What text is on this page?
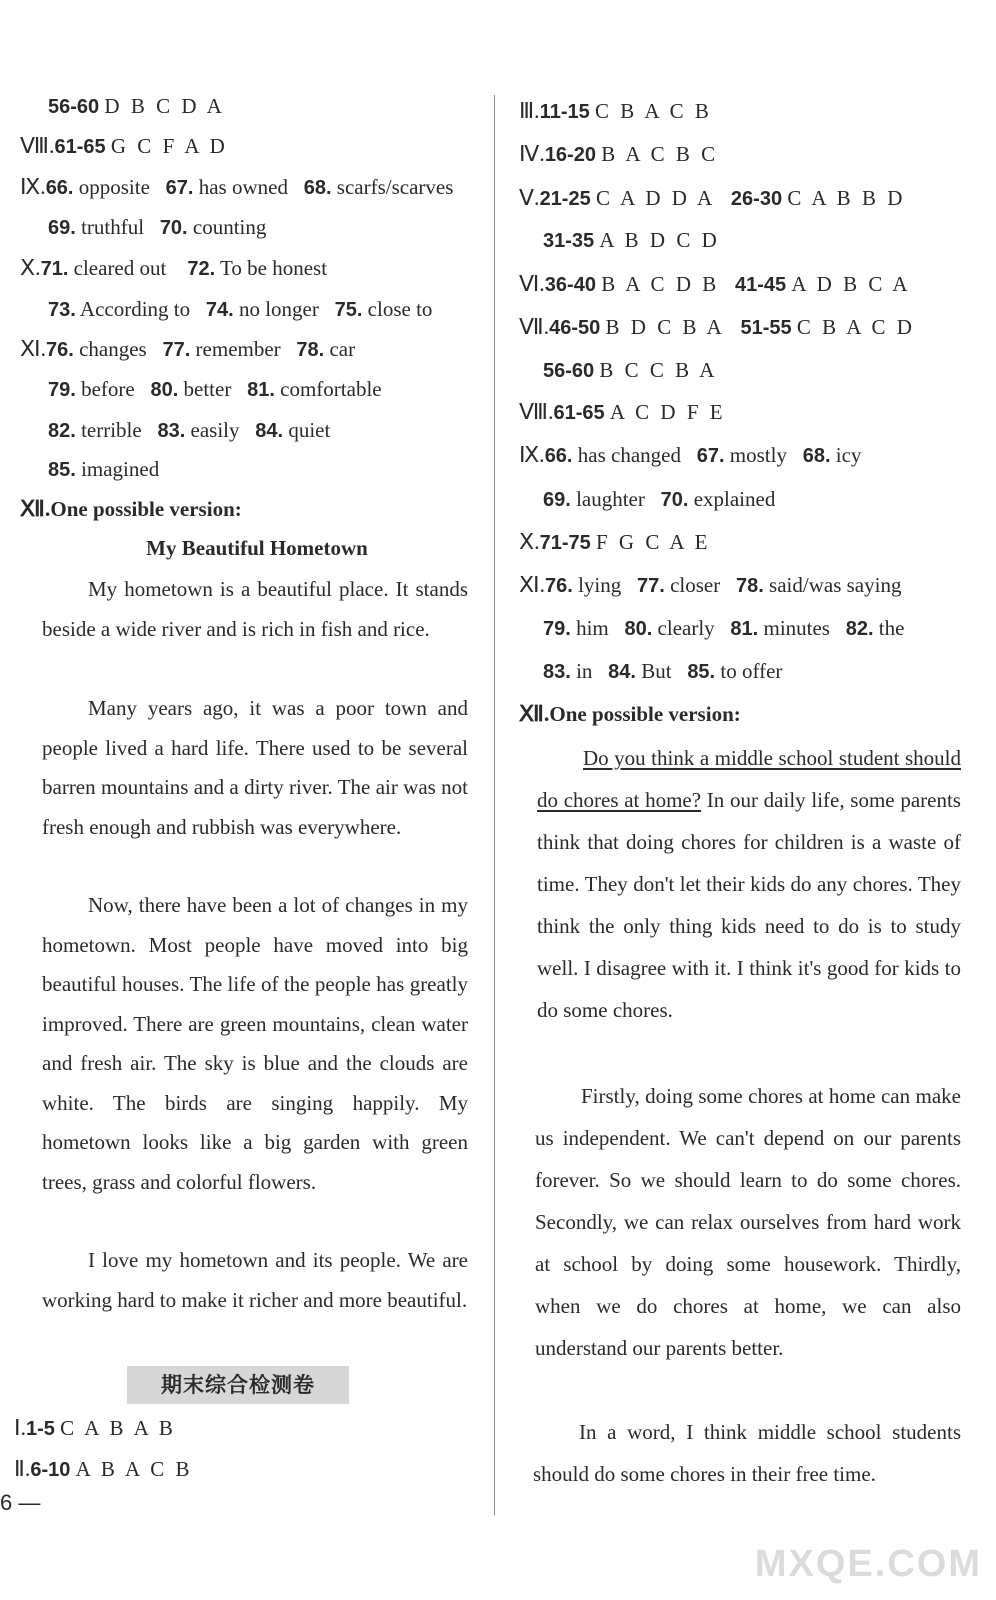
56-60 D B C D A
Ⅷ.61-65 G C F A D
Ⅸ.66. opposite 67. has owned 68. scarfs/scarves
69. truthful 70. counting
Ⅹ.71. cleared out 72. To be honest
73. According to 74. no longer 75. close to
Ⅺ.76. changes 77. remember 78. car
79. before 80. better 81. comfortable
82. terrible 83. easily 84. quiet
85. imagined
Ⅻ.One possible version:
My Beautiful Hometown
My hometown is a beautiful place. It stands beside a wide river and is rich in fish and rice.
Many years ago, it was a poor town and people lived a hard life. There used to be several barren mountains and a dirty river. The air was not fresh enough and rubbish was everywhere.
Now, there have been a lot of changes in my hometown. Most people have moved into big beautiful houses. The life of the people has greatly improved. There are green mountains, clean water and fresh air. The sky is blue and the clouds are white. The birds are singing happily. My hometown looks like a big garden with green trees, grass and colorful flowers.
I love my hometown and its people. We are working hard to make it richer and more beautiful.
期末综合检测卷
Ⅰ.1-5 C A B A B
Ⅱ.6-10 A B A C B
6 —
Ⅲ.11-15 C B A C B
Ⅳ.16-20 B A C B C
Ⅴ.21-25 C A D D A 26-30 C A B B D
31-35 A B D C D
Ⅵ.36-40 B A C D B 41-45 A D B C A
Ⅶ.46-50 B D C B A 51-55 C B A C D
56-60 B C C B A
Ⅷ.61-65 A C D F E
Ⅸ.66. has changed 67. mostly 68. icy
69. laughter 70. explained
Ⅹ.71-75 F G C A E
Ⅺ.76. lying 77. closer 78. said/was saying
79. him 80. clearly 81. minutes 82. the
83. in 84. But 85. to offer
Ⅻ.One possible version:
Do you think a middle school student should do chores at home? In our daily life, some parents think that doing chores for children is a waste of time. They don't let their kids do any chores. They think the only thing kids need to do is to study well. I disagree with it. I think it's good for kids to do some chores.
Firstly, doing some chores at home can make us independent. We can't depend on our parents forever. So we should learn to do some chores. Secondly, we can relax ourselves from hard work at school by doing some housework. Thirdly, when we do chores at home, we can also understand our parents better.
In a word, I think middle school students should do some chores in their free time.
MXQE.COM
